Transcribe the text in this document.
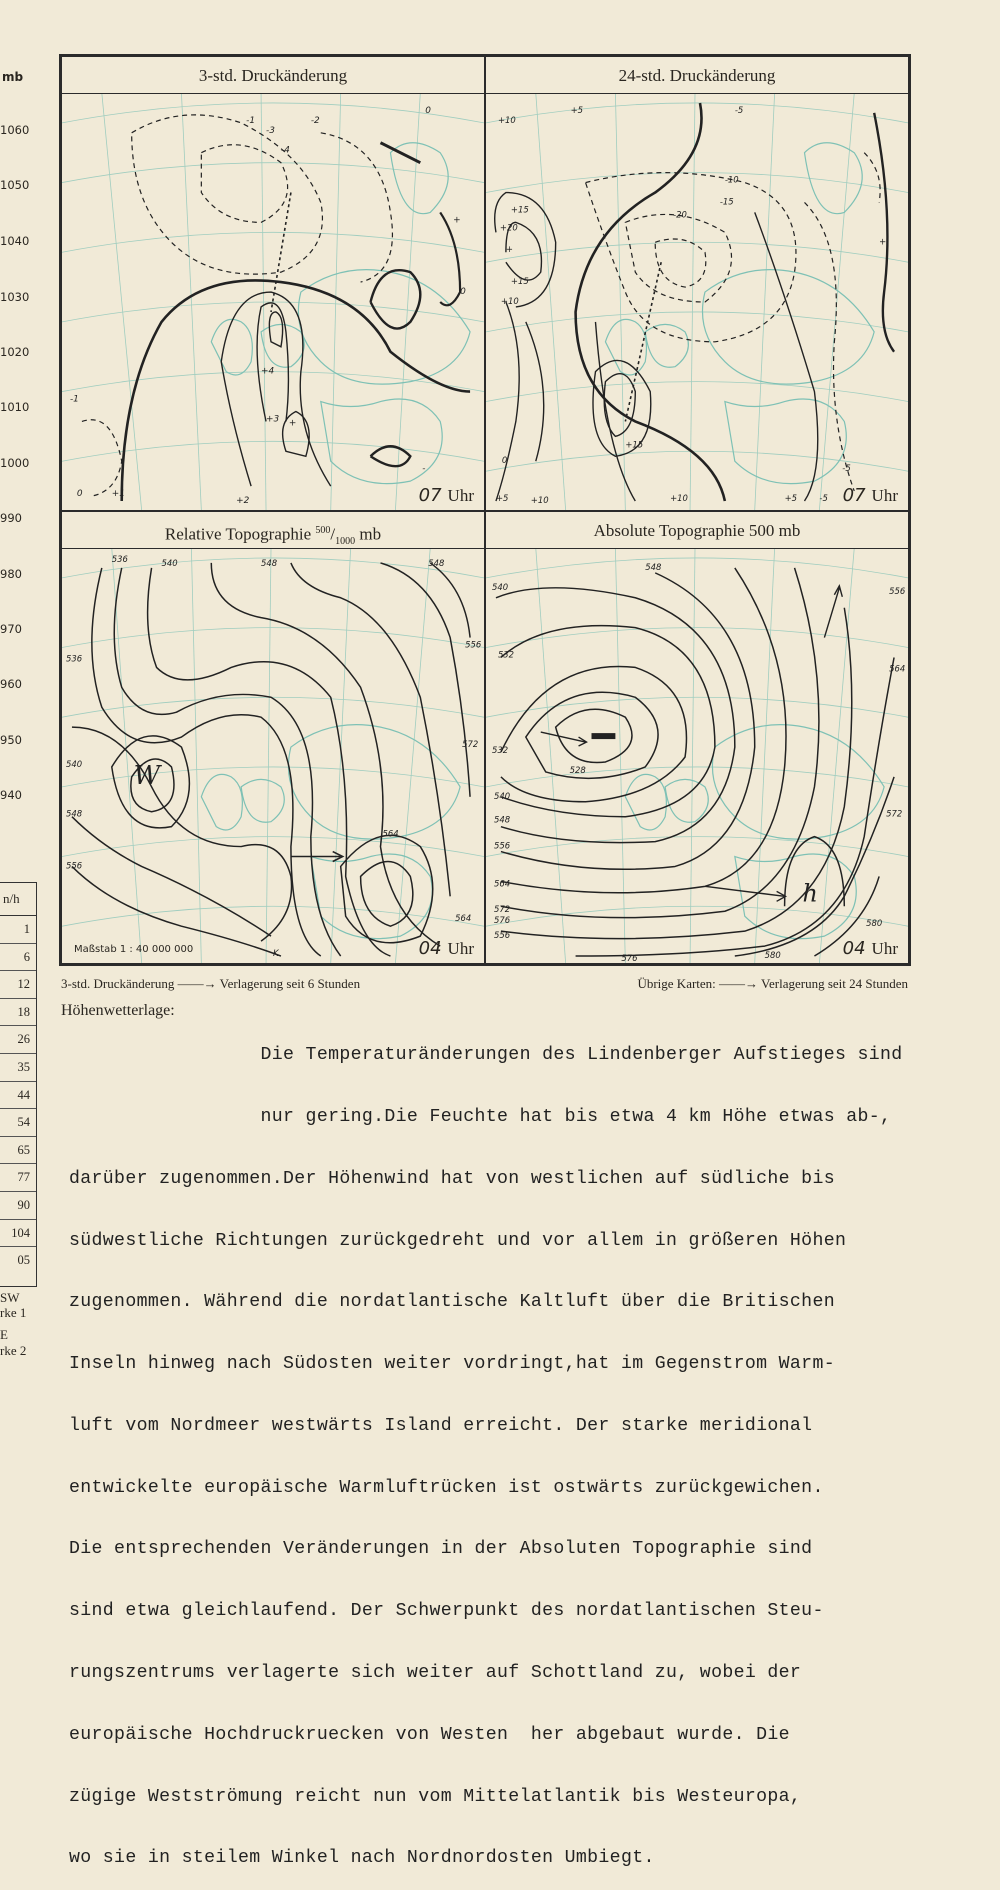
mb
1060
1050
1040
1030
1020
1010
1000
990
980
970
960
950
940
n/h
1
6
12
18
26
35
44
54
65
77
90
104
05
SW
rke 1
E
rke 2
3-std. Druckänderung
-4
-3
-2
-1
0
+4
+3 +
+2
+1
-1
0
-
+
0
07 Uhr
24-std. Druckänderung
+10
+5
+15
+20
+
+10
+15
-10
-15
-20
-5
+
0
-5
+5	+10	+5	-5
+10
+15
07 Uhr
Relative Topographie $^{500}/_{1000}$ mb
536	540	548	548
536
540
548
556
556
572
564
564
K
W
Maßstab 1 : 40 000 000	04 Uhr
Absolute Topographie 500 mb
540
548
556
532
532
528
540
548
556
564
572
576
564
572
580
576	580
556
h
04 Uhr
3-std. Druckänderung ——→ Verlagerung seit 6 Stunden	Übrige Karten: ——→ Verlagerung seit 24 Stunden
Höhenwetterlage:

Die Temperaturänderungen des Lindenberger Aufstieges sind

nur gering.Die Feuchte hat bis etwa 4 km Höhe etwas ab-,

darüber zugenommen.Der Höhenwind hat von westlichen auf südliche bis

südwestliche Richtungen zurückgedreht und vor allem in größeren Höhen

zugenommen. Während die nordatlantische Kaltluft über die Britischen

Inseln hinweg nach Südosten weiter vordringt,hat im Gegenstrom Warm-

luft vom Nordmeer westwärts Island erreicht. Der starke meridional

entwickelte europäische Warmluftrücken ist ostwärts zurückgewichen.

Die entsprechenden Veränderungen in der Absoluten Topographie sind

sind etwa gleichlaufend. Der Schwerpunkt des nordatlantischen Steu-

rungszentrums verlagerte sich weiter auf Schottland zu, wobei der

europäische Hochdruckruecken von Westen  her abgebaut wurde. Die

zügige Westströmung reicht nun vom Mittelatlantik bis Westeuropa,

wo sie in steilem Winkel nach Nordnordosten Umbiegt.
